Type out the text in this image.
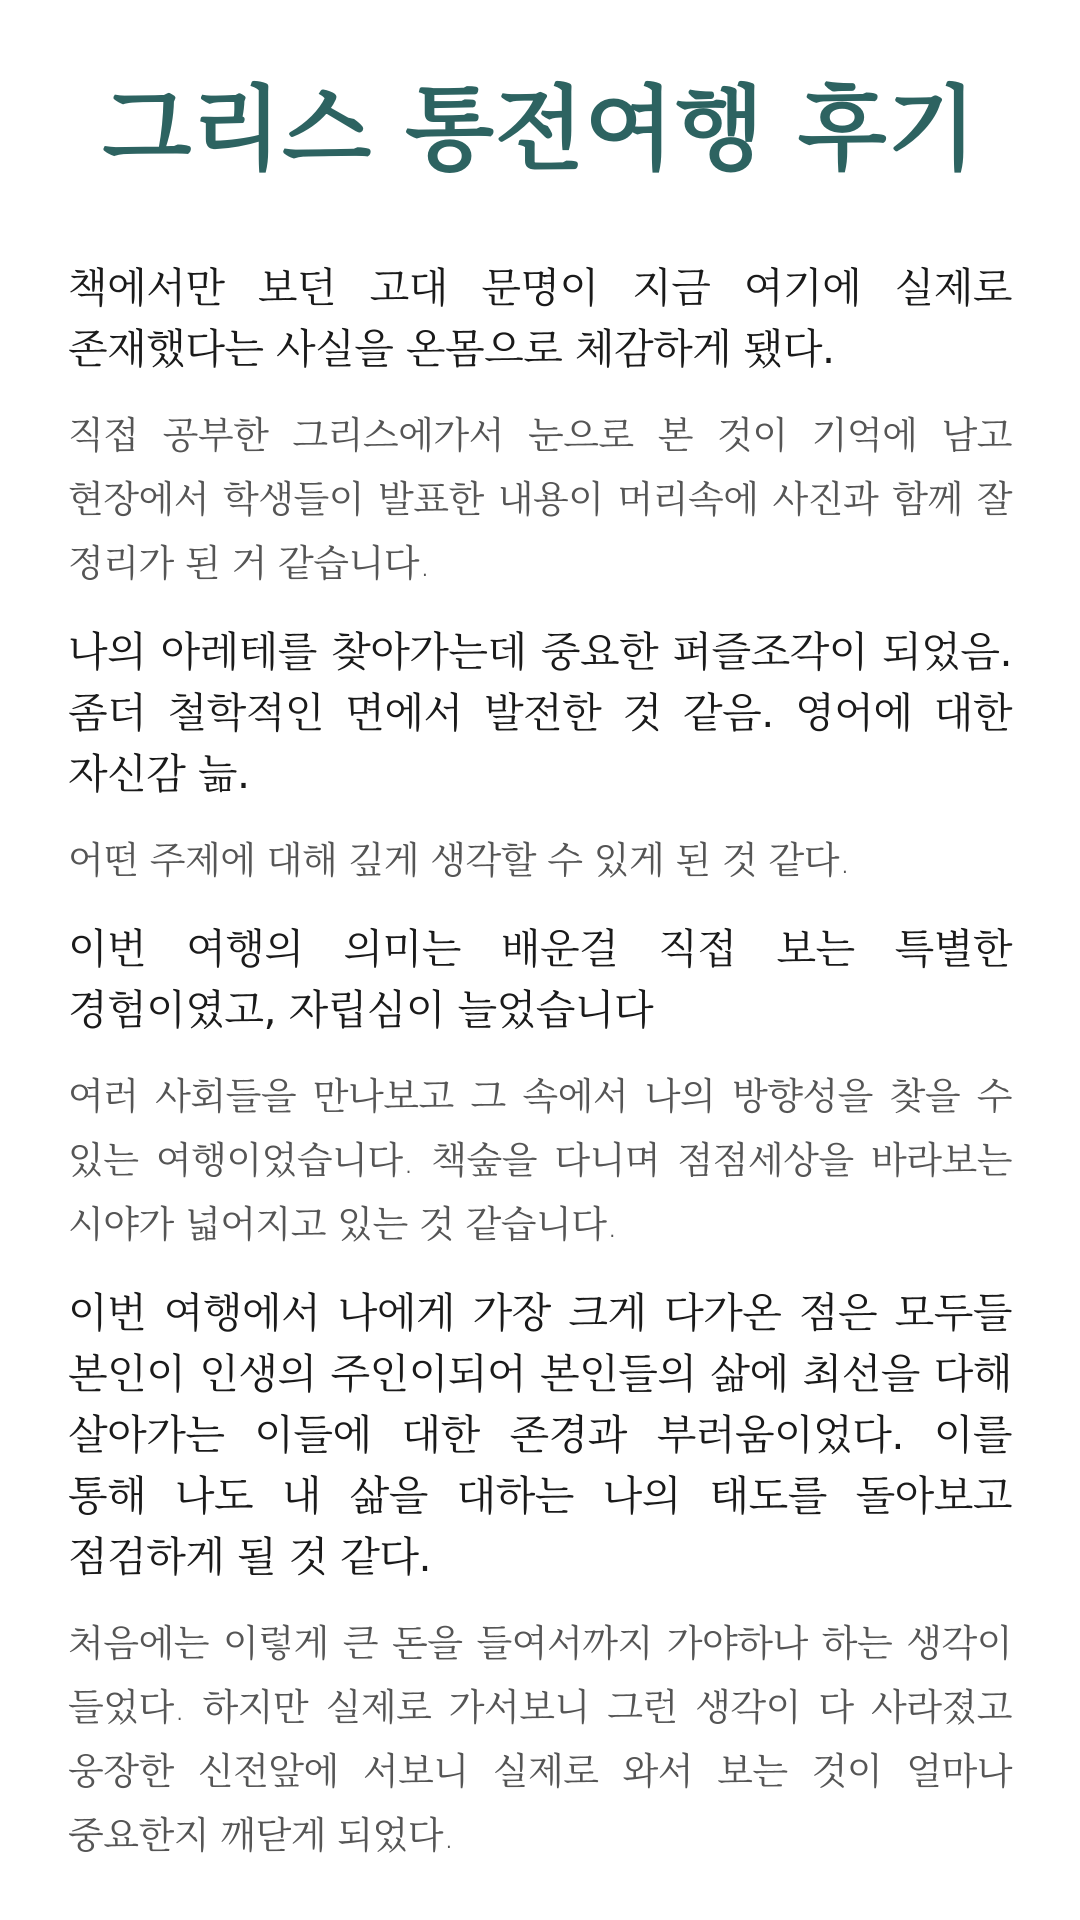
그리스 통전여행 후기

책에서만 보던 고대 문명이 지금 여기에 실제로 존재했다는 사실을 온몸으로 체감하게 됐다.

직접 공부한 그리스에가서 눈으로 본 것이 기억에 남고 현장에서 학생들이 발표한 내용이 머리속에 사진과 함께 잘 정리가 된 거 같습니다.

나의 아레테를 찾아가는데 중요한 퍼즐조각이 되었음. 좀더 철학적인 면에서 발전한 것 같음. 영어에 대한 자신감 늚.

어떤 주제에 대해 깊게 생각할 수 있게 된 것 같다.

이번 여행의 의미는 배운걸 직접 보는 특별한 경험이였고, 자립심이 늘었습니다

여러 사회들을 만나보고 그 속에서 나의 방향성을 찾을 수 있는 여행이었습니다. 책숲을 다니며 점점세상을 바라보는 시야가 넓어지고 있는 것 같습니다.

이번 여행에서 나에게 가장 크게 다가온 점은 모두들 본인이 인생의 주인이되어 본인들의 삶에 최선을 다해 살아가는 이들에 대한 존경과 부러움이었다. 이를 통해 나도 내 삶을 대하는 나의 태도를 돌아보고 점검하게 될 것 같다.

처음에는 이렇게 큰 돈을 들여서까지 가야하나 하는 생각이 들었다. 하지만 실제로 가서보니 그런 생각이 다 사라졌고 웅장한 신전앞에 서보니 실제로 와서 보는 것이 얼마나 중요한지 깨닫게 되었다.
